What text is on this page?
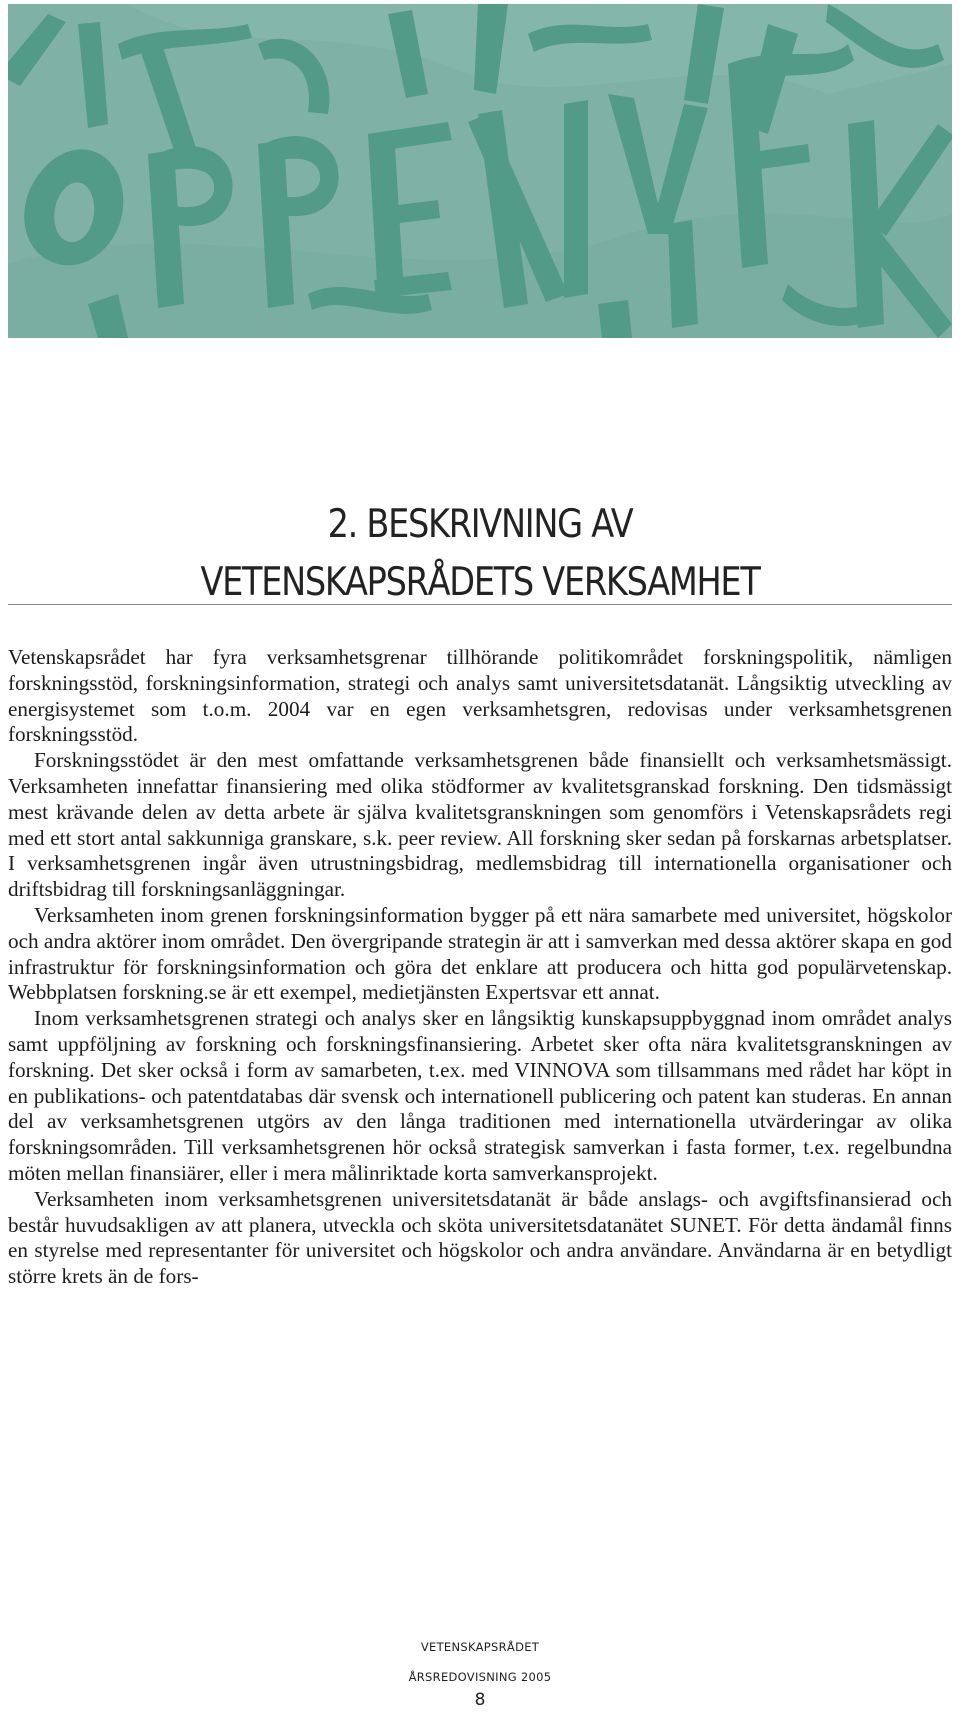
2. BESKRIVNING AV
VETENSKAPSRÅDETS VERKSAMHET

Vetenskapsrådet har fyra verksamhetsgrenar tillhörande politikområdet forskningspolitik, nämligen forskningsstöd, forskningsinformation, strategi och analys samt universitetsdatanät. Långsiktig utveckling av energisystemet som t.o.m. 2004 var en egen verksamhetsgren, redovisas under verksamhetsgrenen forskningsstöd.

Forskningsstödet är den mest omfattande verksamhetsgrenen både finansiellt och verksamhetsmässigt. Verksamheten innefattar finansiering med olika stödformer av kvalitetsgranskad forskning. Den tidsmässigt mest krävande delen av detta arbete är själva kvalitetsgranskningen som genomförs i Vetenskapsrådets regi med ett stort antal sakkunniga granskare, s.k. peer review. All forskning sker sedan på forskarnas arbetsplatser. I verksamhetsgrenen ingår även utrustningsbidrag, medlemsbidrag till internationella organisationer och driftsbidrag till forskningsanläggningar.

Verksamheten inom grenen forskningsinformation bygger på ett nära samarbete med universitet, högskolor och andra aktörer inom området. Den övergripande strategin är att i samverkan med dessa aktörer skapa en god infrastruktur för forskningsinformation och göra det enklare att producera och hitta god populärvetenskap. Webbplatsen forskning.se är ett exempel, medietjänsten Expertsvar ett annat.

Inom verksamhetsgrenen strategi och analys sker en långsiktig kunskapsuppbyggnad inom området analys samt uppföljning av forskning och forskningsfinansiering. Arbetet sker ofta nära kvalitetsgranskningen av forskning. Det sker också i form av samarbeten, t.ex. med VINNOVA som tillsammans med rådet har köpt in en publikations- och patentdatabas där svensk och internationell publicering och patent kan studeras. En annan del av verksamhetsgrenen utgörs av den långa traditionen med internationella utvärderingar av olika forskningsområden. Till verksamhetsgrenen hör också strategisk samverkan i fasta former, t.ex. regelbundna möten mellan finansiärer, eller i mera målinriktade korta samverkansprojekt.

Verksamheten inom verksamhetsgrenen universitetsdatanät är både anslags- och avgiftsfinansierad och består huvudsakligen av att planera, utveckla och sköta universitetsdatanätet SUNET. För detta ändamål finns en styrelse med representanter för universitet och högskolor och andra användare. Användarna är en betydligt större krets än de fors-

VETENSKAPSRÅDET
ÅRSREDOVISNING 2005
8
